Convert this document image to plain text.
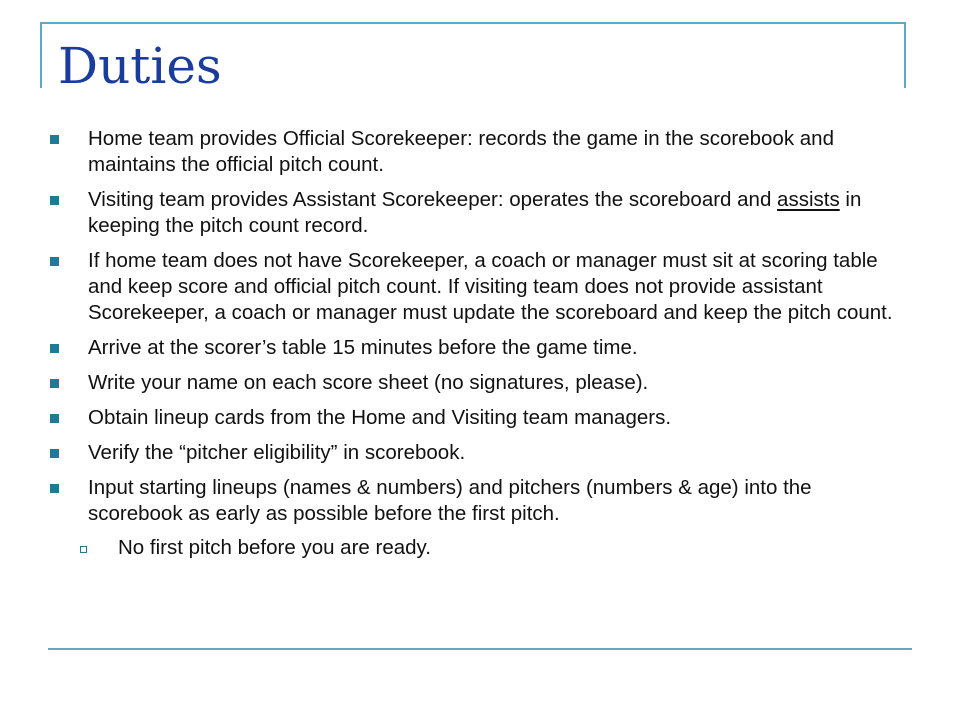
Duties
Home team provides Official Scorekeeper: records the game in the scorebook and maintains the official pitch count.
Visiting team provides Assistant Scorekeeper: operates the scoreboard and assists in keeping the pitch count record.
If home team does not have Scorekeeper, a coach or manager must sit at scoring table and keep score and official pitch count. If visiting team does not provide assistant Scorekeeper, a coach or manager must update the scoreboard and keep the pitch count.
Arrive at the scorer’s table 15 minutes before the game time.
Write your name on each score sheet (no signatures, please).
Obtain lineup cards from the Home and Visiting team managers.
Verify the “pitcher eligibility” in scorebook.
Input starting lineups (names & numbers) and pitchers (numbers & age) into the scorebook as early as possible before the first pitch.
No first pitch before you are ready.
